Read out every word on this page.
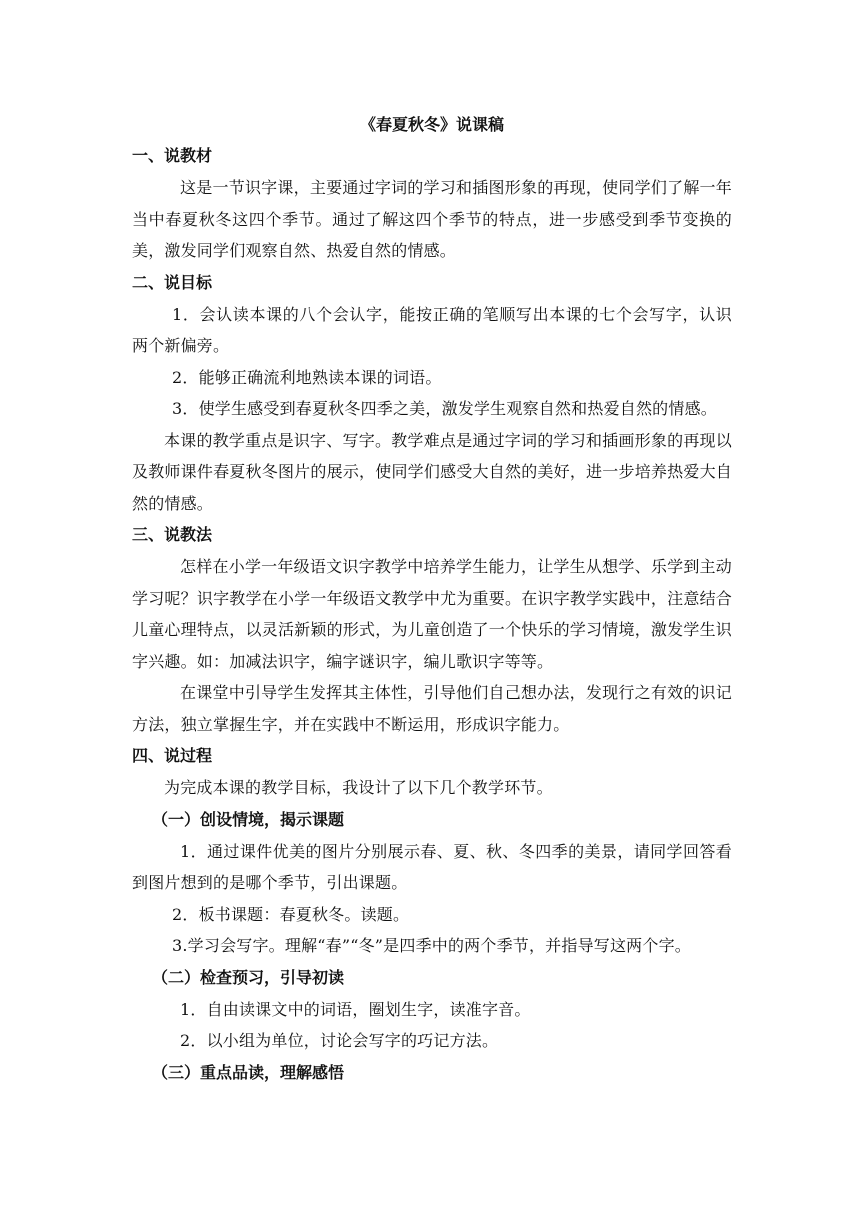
《春夏秋冬》说课稿

一、说教材

这是一节识字课，主要通过字词的学习和插图形象的再现，使同学们了解一年当中春夏秋冬这四个季节。通过了解这四个季节的特点，进一步感受到季节变换的美，激发同学们观察自然、热爱自然的情感。

二、说目标

1．会认读本课的八个会认字，能按正确的笔顺写出本课的七个会写字，认识两个新偏旁。

2．能够正确流利地熟读本课的词语。

3．使学生感受到春夏秋冬四季之美，激发学生观察自然和热爱自然的情感。

本课的教学重点是识字、写字。教学难点是通过字词的学习和插画形象的再现以及教师课件春夏秋冬图片的展示，使同学们感受大自然的美好，进一步培养热爱大自然的情感。

三、说教法

怎样在小学一年级语文识字教学中培养学生能力，让学生从想学、乐学到主动学习呢？识字教学在小学一年级语文教学中尤为重要。在识字教学实践中，注意结合儿童心理特点，以灵活新颖的形式，为儿童创造了一个快乐的学习情境，激发学生识字兴趣。如：加减法识字，编字谜识字，编儿歌识字等等。

在课堂中引导学生发挥其主体性，引导他们自己想办法，发现行之有效的识记方法，独立掌握生字，并在实践中不断运用，形成识字能力。

四、说过程

为完成本课的教学目标，我设计了以下几个教学环节。

（一）创设情境，揭示课题

1．通过课件优美的图片分别展示春、夏、秋、冬四季的美景，请同学回答看到图片想到的是哪个季节，引出课题。

2．板书课题：春夏秋冬。读题。

3.学习会写字。理解“春”“冬”是四季中的两个季节，并指导写这两个字。

（二）检查预习，引导初读

1．自由读课文中的词语，圈划生字，读准字音。

2．以小组为单位，讨论会写字的巧记方法。

（三）重点品读，理解感悟
